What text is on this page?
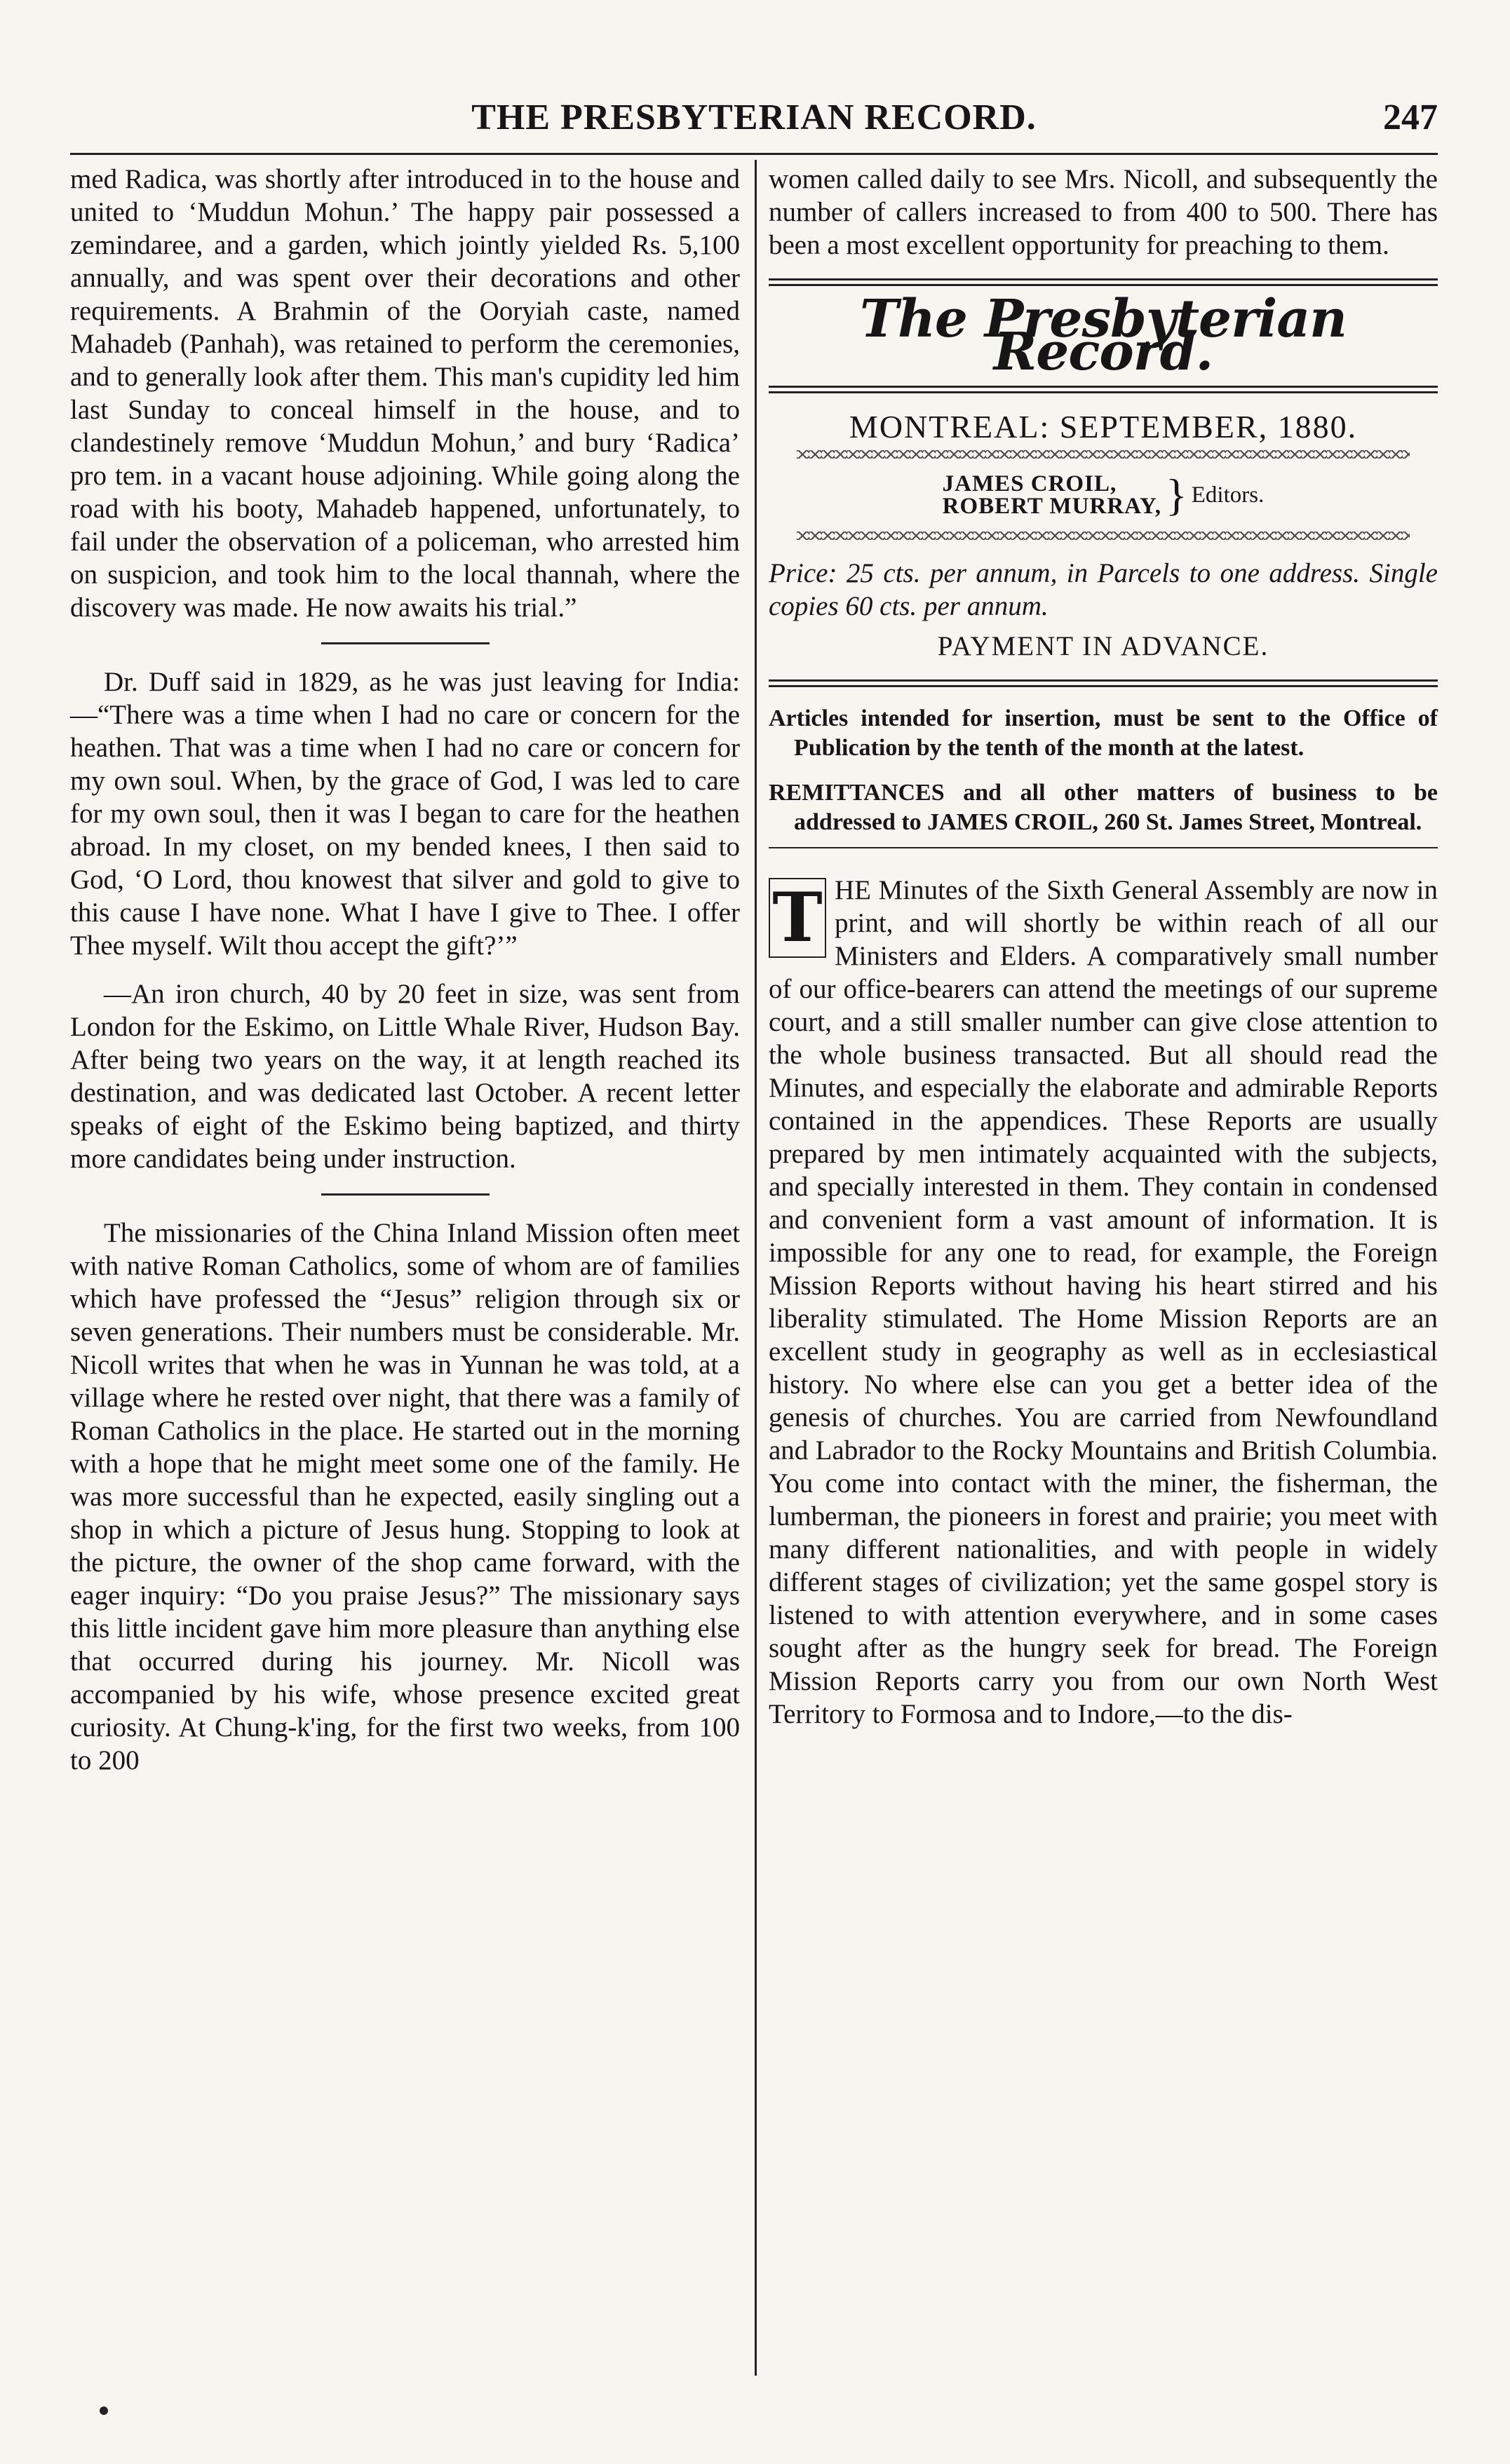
THE PRESBYTERIAN RECORD.	247

med Radica, was shortly after introduced in to the house and united to ‘Muddun Mohun.’ The happy pair possessed a zemindaree, and a garden, which jointly yielded Rs. 5,100 annually, and was spent over their decorations and other requirements. A Brahmin of the Ooryiah caste, named Mahadeb (Panhah), was retained to perform the ceremonies, and to generally look after them. This man's cupidity led him last Sunday to conceal himself in the house, and to clandestinely remove ‘Muddun Mohun,’ and bury ‘Radica’ pro tem. in a vacant house adjoining. While going along the road with his booty, Mahadeb happened, unfortunately, to fail under the observation of a policeman, who arrested him on suspicion, and took him to the local thannah, where the discovery was made. He now awaits his trial.”

Dr. Duff said in 1829, as he was just leaving for India:—“There was a time when I had no care or concern for the heathen. That was a time when I had no care or concern for my own soul. When, by the grace of God, I was led to care for my own soul, then it was I began to care for the heathen abroad. In my closet, on my bended knees, I then said to God, ‘O Lord, thou knowest that silver and gold to give to this cause I have none. What I have I give to Thee. I offer Thee myself. Wilt thou accept the gift?’”

—An iron church, 40 by 20 feet in size, was sent from London for the Eskimo, on Little Whale River, Hudson Bay. After being two years on the way, it at length reached its destination, and was dedicated last October. A recent letter speaks of eight of the Eskimo being baptized, and thirty more candidates being under instruction.

The missionaries of the China Inland Mission often meet with native Roman Catholics, some of whom are of families which have professed the “Jesus” religion through six or seven generations. Their numbers must be considerable. Mr. Nicoll writes that when he was in Yunnan he was told, at a village where he rested over night, that there was a family of Roman Catholics in the place. He started out in the morning with a hope that he might meet some one of the family. He was more successful than he expected, easily singling out a shop in which a picture of Jesus hung. Stopping to look at the picture, the owner of the shop came forward, with the eager inquiry: “Do you praise Jesus?” The missionary says this little incident gave him more pleasure than anything else that occurred during his journey. Mr. Nicoll was accompanied by his wife, whose presence excited great curiosity. At Chung-k'ing, for the first two weeks, from 100 to 200

women called daily to see Mrs. Nicoll, and subsequently the number of callers increased to from 400 to 500. There has been a most excellent opportunity for preaching to them.

The Presbyterian Record.
MONTREAL: SEPTEMBER, 1880.
JAMES CROIL,
ROBERT MURRAY, } Editors.

Price: 25 cts. per annum, in Parcels to one address. Single copies 60 cts. per annum.

PAYMENT IN ADVANCE.

Articles intended for insertion, must be sent to the Office of Publication by the tenth of the month at the latest.

REMITTANCES and all other matters of business to be addressed to JAMES CROIL, 260 St. James Street, Montreal.

T HE Minutes of the Sixth General Assembly are now in print, and will shortly be within reach of all our Ministers and Elders. A comparatively small number of our office-bearers can attend the meetings of our supreme court, and a still smaller number can give close attention to the whole business transacted. But all should read the Minutes, and especially the elaborate and admirable Reports contained in the appendices. These Reports are usually prepared by men intimately acquainted with the subjects, and specially interested in them. They contain in condensed and convenient form a vast amount of information. It is impossible for any one to read, for example, the Foreign Mission Reports without having his heart stirred and his liberality stimulated. The Home Mission Reports are an excellent study in geography as well as in ecclesiastical history. No where else can you get a better idea of the genesis of churches. You are carried from Newfoundland and Labrador to the Rocky Mountains and British Columbia. You come into contact with the miner, the fisherman, the lumberman, the pioneers in forest and prairie; you meet with many different nationalities, and with people in widely different stages of civilization; yet the same gospel story is listened to with attention everywhere, and in some cases sought after as the hungry seek for bread. The Foreign Mission Reports carry you from our own North West Territory to Formosa and to Indore,—to the dis-
